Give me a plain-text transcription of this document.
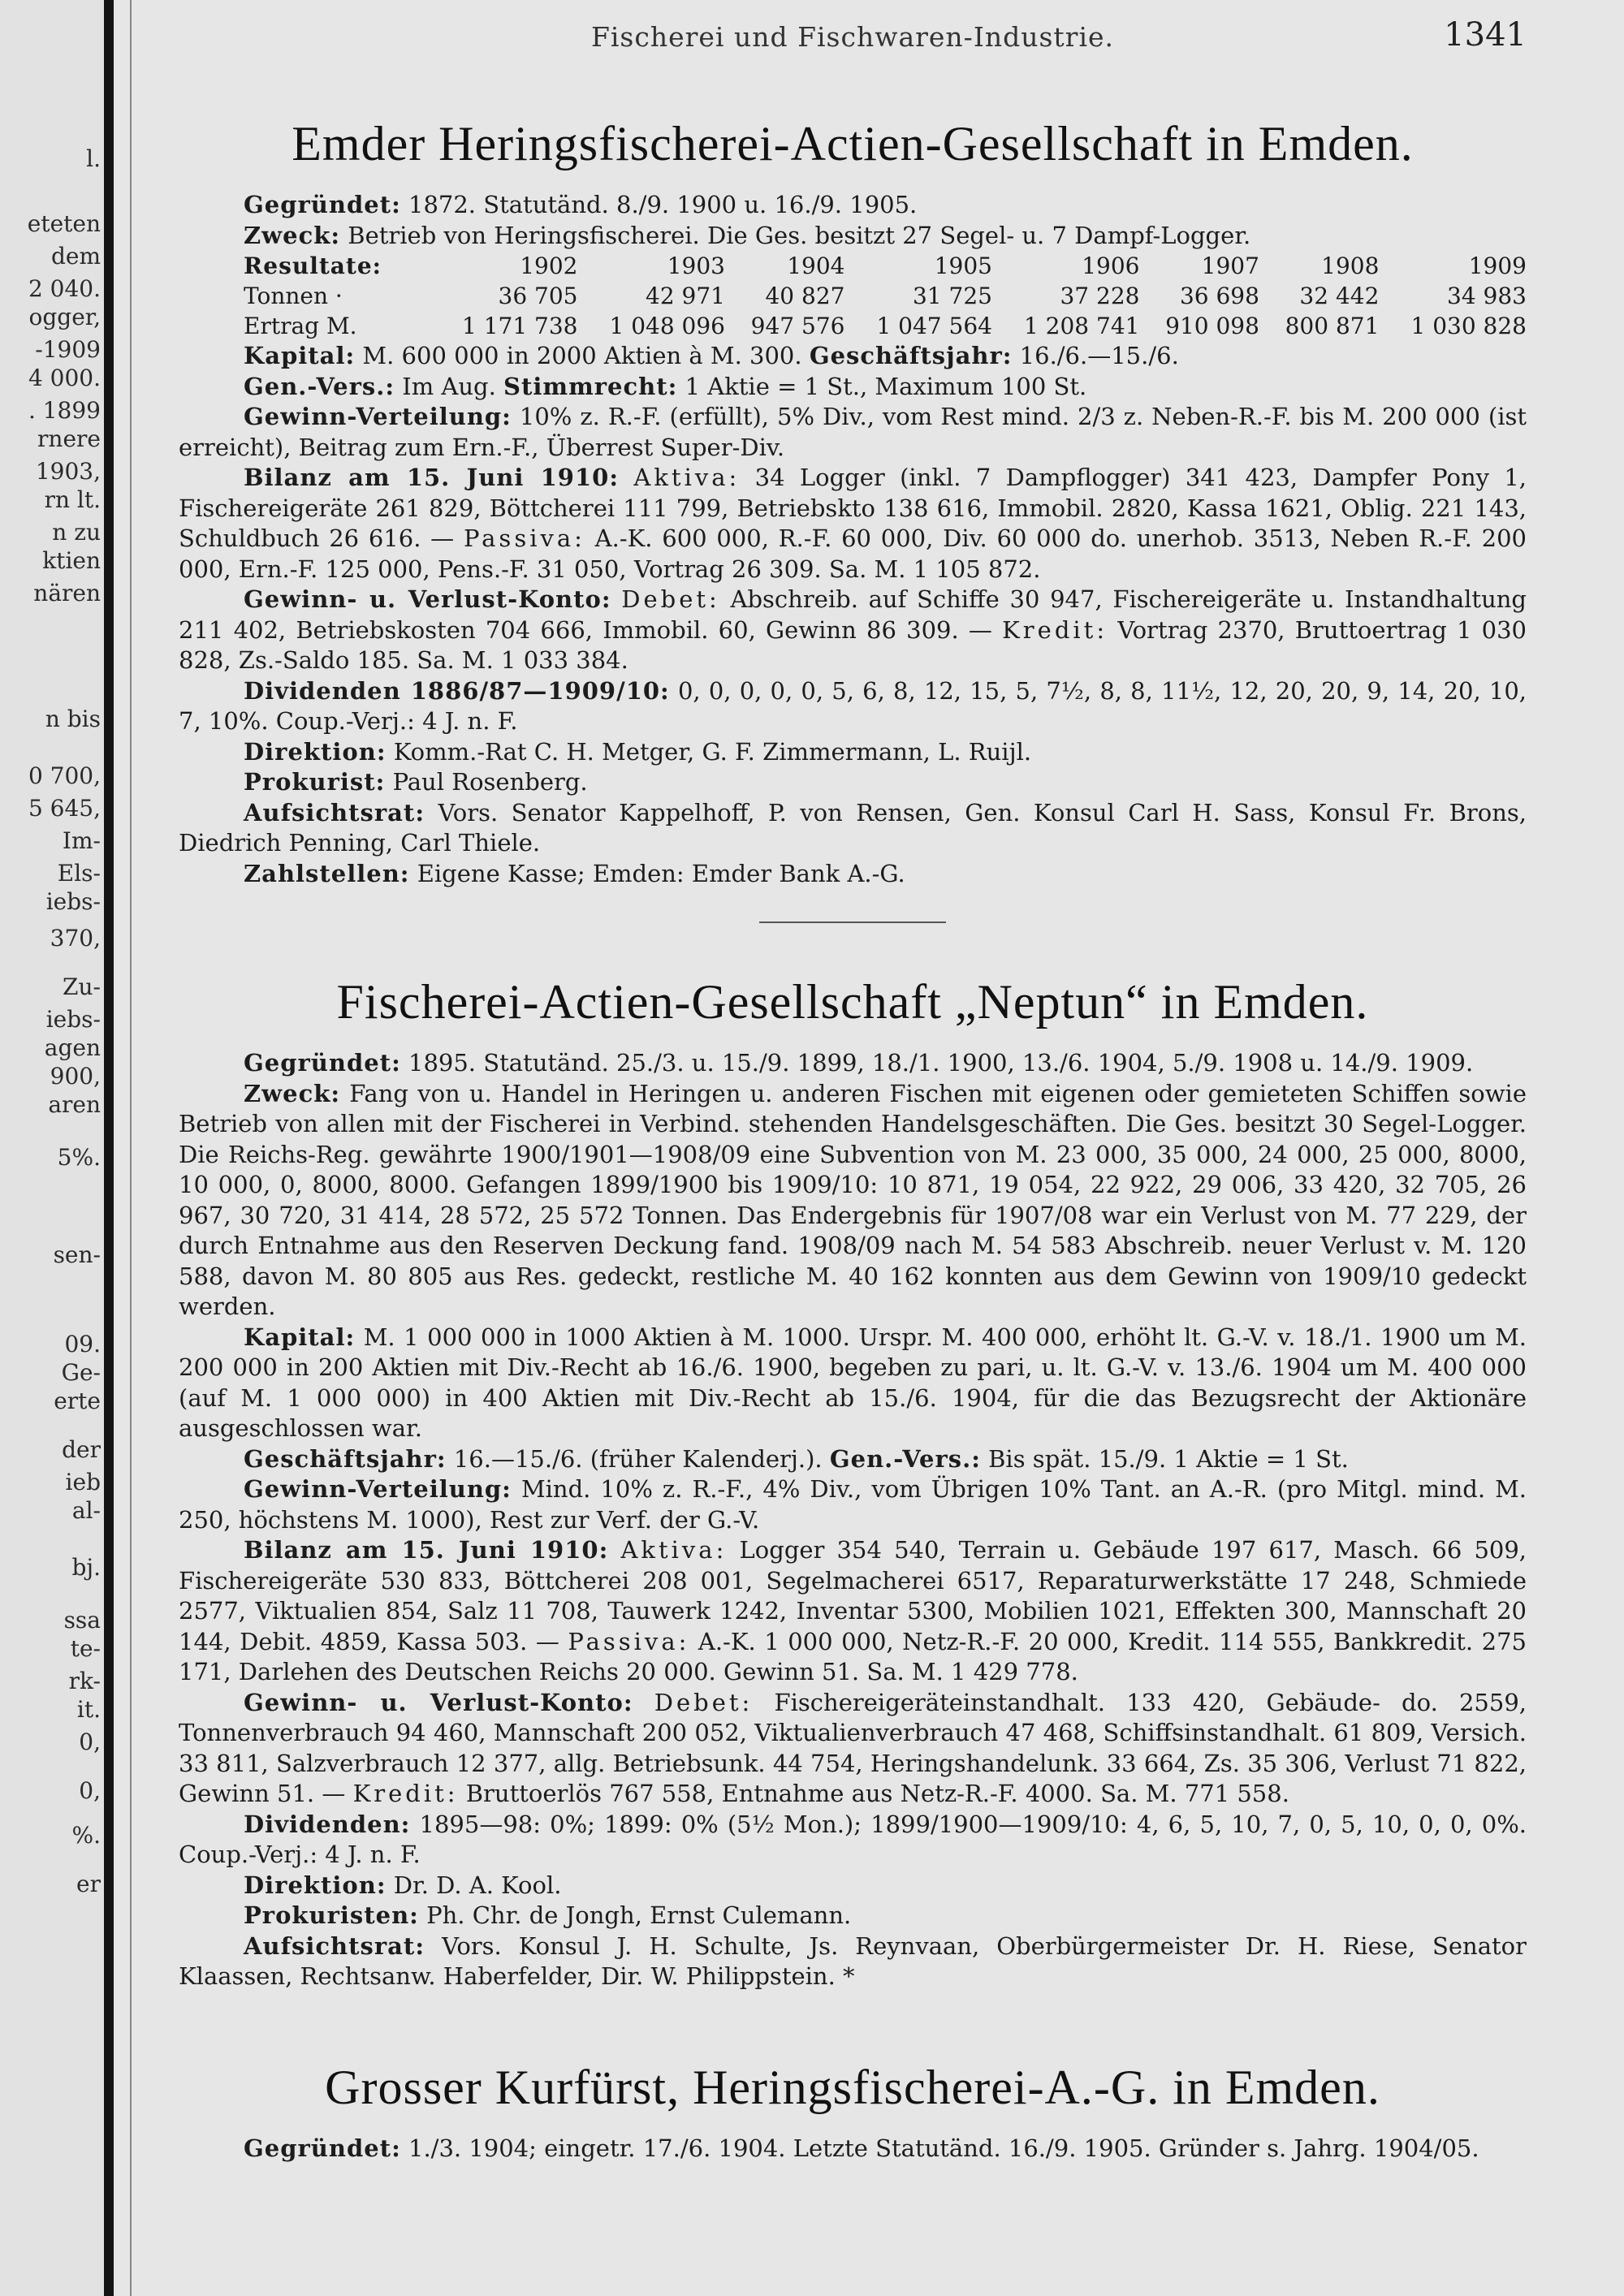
l.
eteten
dem
2 040.
ogger,
-1909
4 000.
. 1899
rnere
1903,
rn lt.
n zu
ktien
nären
n bis
0 700,
5 645,
Im-
Els-
iebs-
370,
Zu-
iebs-
agen
900,
aren
5%.
sen-
09.
Ge-
erte
der
ieb
al-
bj.
ssa
te-
rk-
it.
0,
0,
%.
er
Fischerei und Fischwaren-Industrie.	1341
Emder Heringsfischerei-Actien-Gesellschaft in Emden.

Gegründet: 1872. Statutänd. 8./9. 1900 u. 16./9. 1905.

Zweck: Betrieb von Heringsfischerei. Die Ges. besitzt 27 Segel- u. 7 Dampf-Logger.

Resultate:	1902	1903	1904	1905	1906	1907	1908	1909
Tonnen ·	36 705	42 971	40 827	31 725	37 228	36 698	32 442	34 983
Ertrag M.	1 171 738	1 048 096	947 576	1 047 564	1 208 741	910 098	800 871	1 030 828

Kapital: M. 600 000 in 2000 Aktien à M. 300. Geschäftsjahr: 16./6.—15./6.

Gen.-Vers.: Im Aug. Stimmrecht: 1 Aktie = 1 St., Maximum 100 St.

Gewinn-Verteilung: 10% z. R.-F. (erfüllt), 5% Div., vom Rest mind. 2/3 z. Neben-R.-F. bis M. 200 000 (ist erreicht), Beitrag zum Ern.-F., Überrest Super-Div.

Bilanz am 15. Juni 1910: Aktiva: 34 Logger (inkl. 7 Dampflogger) 341 423, Dampfer Pony 1, Fischereigeräte 261 829, Böttcherei 111 799, Betriebskto 138 616, Immobil. 2820, Kassa 1621, Oblig. 221 143, Schuldbuch 26 616. — Passiva: A.-K. 600 000, R.-F. 60 000, Div. 60 000 do. unerhob. 3513, Neben R.-F. 200 000, Ern.-F. 125 000, Pens.-F. 31 050, Vortrag 26 309. Sa. M. 1 105 872.

Gewinn- u. Verlust-Konto: Debet: Abschreib. auf Schiffe 30 947, Fischereigeräte u. Instandhaltung 211 402, Betriebskosten 704 666, Immobil. 60, Gewinn 86 309. — Kredit: Vortrag 2370, Bruttoertrag 1 030 828, Zs.-Saldo 185. Sa. M. 1 033 384.

Dividenden 1886/87—1909/10: 0, 0, 0, 0, 0, 5, 6, 8, 12, 15, 5, 7½, 8, 8, 11½, 12, 20, 20, 9, 14, 20, 10, 7, 10%. Coup.-Verj.: 4 J. n. F.

Direktion: Komm.-Rat C. H. Metger, G. F. Zimmermann, L. Ruijl.

Prokurist: Paul Rosenberg.

Aufsichtsrat: Vors. Senator Kappelhoff, P. von Rensen, Gen. Konsul Carl H. Sass, Konsul Fr. Brons, Diedrich Penning, Carl Thiele.

Zahlstellen: Eigene Kasse; Emden: Emder Bank A.-G.

Fischerei-Actien-Gesellschaft „Neptun“ in Emden.

Gegründet: 1895. Statutänd. 25./3. u. 15./9. 1899, 18./1. 1900, 13./6. 1904, 5./9. 1908 u. 14./9. 1909.

Zweck: Fang von u. Handel in Heringen u. anderen Fischen mit eigenen oder gemieteten Schiffen sowie Betrieb von allen mit der Fischerei in Verbind. stehenden Handelsgeschäften. Die Ges. besitzt 30 Segel-Logger. Die Reichs-Reg. gewährte 1900/1901—1908/09 eine Subvention von M. 23 000, 35 000, 24 000, 25 000, 8000, 10 000, 0, 8000, 8000. Gefangen 1899/1900 bis 1909/10: 10 871, 19 054, 22 922, 29 006, 33 420, 32 705, 26 967, 30 720, 31 414, 28 572, 25 572 Tonnen. Das Endergebnis für 1907/08 war ein Verlust von M. 77 229, der durch Entnahme aus den Reserven Deckung fand. 1908/09 nach M. 54 583 Abschreib. neuer Verlust v. M. 120 588, davon M. 80 805 aus Res. gedeckt, restliche M. 40 162 konnten aus dem Gewinn von 1909/10 gedeckt werden.

Kapital: M. 1 000 000 in 1000 Aktien à M. 1000. Urspr. M. 400 000, erhöht lt. G.-V. v. 18./1. 1900 um M. 200 000 in 200 Aktien mit Div.-Recht ab 16./6. 1900, begeben zu pari, u. lt. G.-V. v. 13./6. 1904 um M. 400 000 (auf M. 1 000 000) in 400 Aktien mit Div.-Recht ab 15./6. 1904, für die das Bezugsrecht der Aktionäre ausgeschlossen war.

Geschäftsjahr: 16.—15./6. (früher Kalenderj.). Gen.-Vers.: Bis spät. 15./9. 1 Aktie = 1 St.

Gewinn-Verteilung: Mind. 10% z. R.-F., 4% Div., vom Übrigen 10% Tant. an A.-R. (pro Mitgl. mind. M. 250, höchstens M. 1000), Rest zur Verf. der G.-V.

Bilanz am 15. Juni 1910: Aktiva: Logger 354 540, Terrain u. Gebäude 197 617, Masch. 66 509, Fischereigeräte 530 833, Böttcherei 208 001, Segelmacherei 6517, Reparaturwerkstätte 17 248, Schmiede 2577, Viktualien 854, Salz 11 708, Tauwerk 1242, Inventar 5300, Mobilien 1021, Effekten 300, Mannschaft 20 144, Debit. 4859, Kassa 503. — Passiva: A.-K. 1 000 000, Netz-R.-F. 20 000, Kredit. 114 555, Bankkredit. 275 171, Darlehen des Deutschen Reichs 20 000. Gewinn 51. Sa. M. 1 429 778.

Gewinn- u. Verlust-Konto: Debet: Fischereigeräteinstandhalt. 133 420, Gebäude- do. 2559, Tonnenverbrauch 94 460, Mannschaft 200 052, Viktualienverbrauch 47 468, Schiffsinstandhalt. 61 809, Versich. 33 811, Salzverbrauch 12 377, allg. Betriebsunk. 44 754, Heringshandelunk. 33 664, Zs. 35 306, Verlust 71 822, Gewinn 51. — Kredit: Bruttoerlös 767 558, Entnahme aus Netz-R.-F. 4000. Sa. M. 771 558.

Dividenden: 1895—98: 0%; 1899: 0% (5½ Mon.); 1899/1900—1909/10: 4, 6, 5, 10, 7, 0, 5, 10, 0, 0, 0%. Coup.-Verj.: 4 J. n. F.

Direktion: Dr. D. A. Kool.

Prokuristen: Ph. Chr. de Jongh, Ernst Culemann.

Aufsichtsrat: Vors. Konsul J. H. Schulte, Js. Reynvaan, Oberbürgermeister Dr. H. Riese, Senator Klaassen, Rechtsanw. Haberfelder, Dir. W. Philippstein. *

Grosser Kurfürst, Heringsfischerei-A.-G. in Emden.

Gegründet: 1./3. 1904; eingetr. 17./6. 1904. Letzte Statutänd. 16./9. 1905. Gründer s. Jahrg. 1904/05.
